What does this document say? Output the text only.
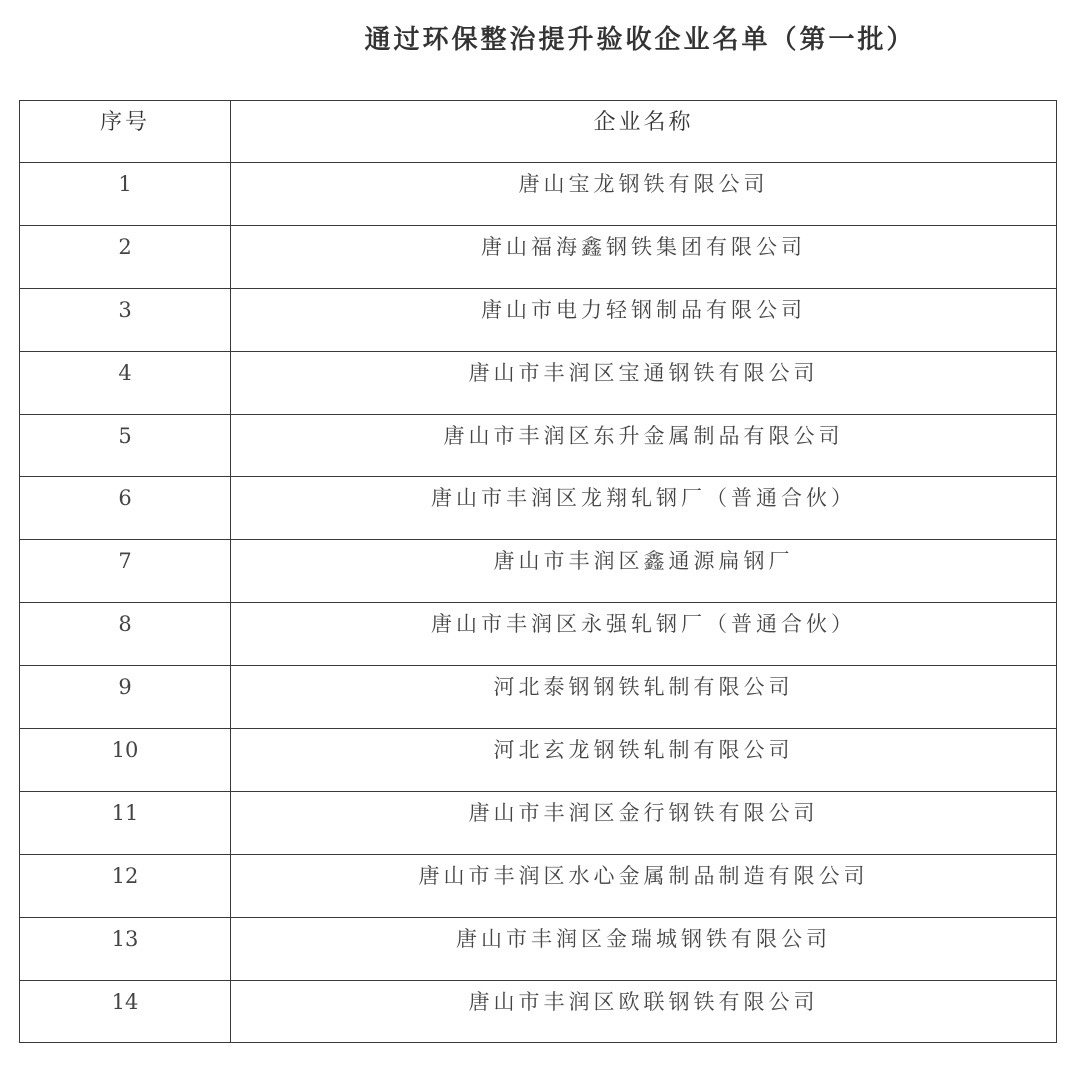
通过环保整治提升验收企业名单（第一批）
序号	企业名称
1	唐山宝龙钢铁有限公司
2	唐山福海鑫钢铁集团有限公司
3	唐山市电力轻钢制品有限公司
4	唐山市丰润区宝通钢铁有限公司
5	唐山市丰润区东升金属制品有限公司
6	唐山市丰润区龙翔轧钢厂（普通合伙）
7	唐山市丰润区鑫通源扁钢厂
8	唐山市丰润区永强轧钢厂（普通合伙）
9	河北泰钢钢铁轧制有限公司
10	河北玄龙钢铁轧制有限公司
11	唐山市丰润区金行钢铁有限公司
12	唐山市丰润区水心金属制品制造有限公司
13	唐山市丰润区金瑞城钢铁有限公司
14	唐山市丰润区欧联钢铁有限公司
